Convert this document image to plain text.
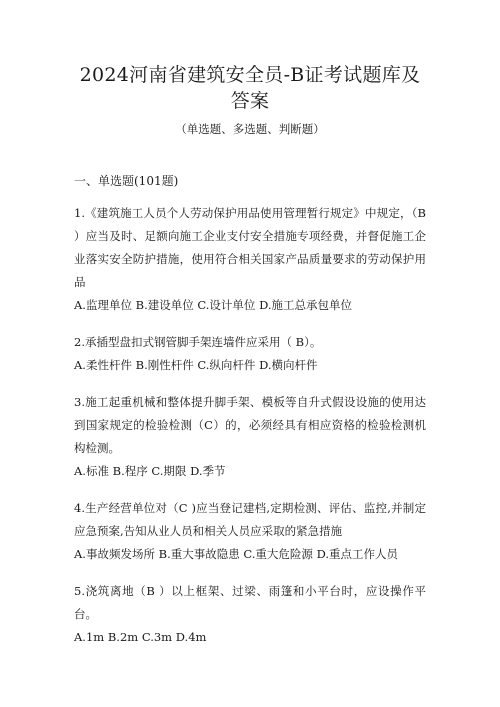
2024河南省建筑安全员-B证考试题库及答案
（单选题、多选题、判断题）
一、单选题(101题)
1.《建筑施工人员个人劳动保护用品使用管理暂行规定》中规定，（B ）应当及时、足额向施工企业支付安全措施专项经费，并督促施工企业落实安全防护措施，使用符合相关国家产品质量要求的劳动保护用品
A.监理单位 B.建设单位 C.设计单位 D.施工总承包单位
2.承插型盘扣式钢管脚手架连墙件应采用（ B）。
A.柔性杆件 B.刚性杆件 C.纵向杆件 D.横向杆件
3.施工起重机械和整体提升脚手架、模板等自升式假设设施的使用达到国家规定的检验检测（C）的，必须经具有相应资格的检验检测机构检测。
A.标准 B.程序 C.期限 D.季节
4.生产经营单位对（C )应当登记建档,定期检测、评估、监控,并制定应急预案,告知从业人员和相关人员应采取的紧急措施
A.事故频发场所 B.重大事故隐患 C.重大危险源 D.重点工作人员
5.浇筑离地（B ）以上框架、过梁、雨篷和小平台时，应设操作平台。
A.1m B.2m C.3m D.4m
